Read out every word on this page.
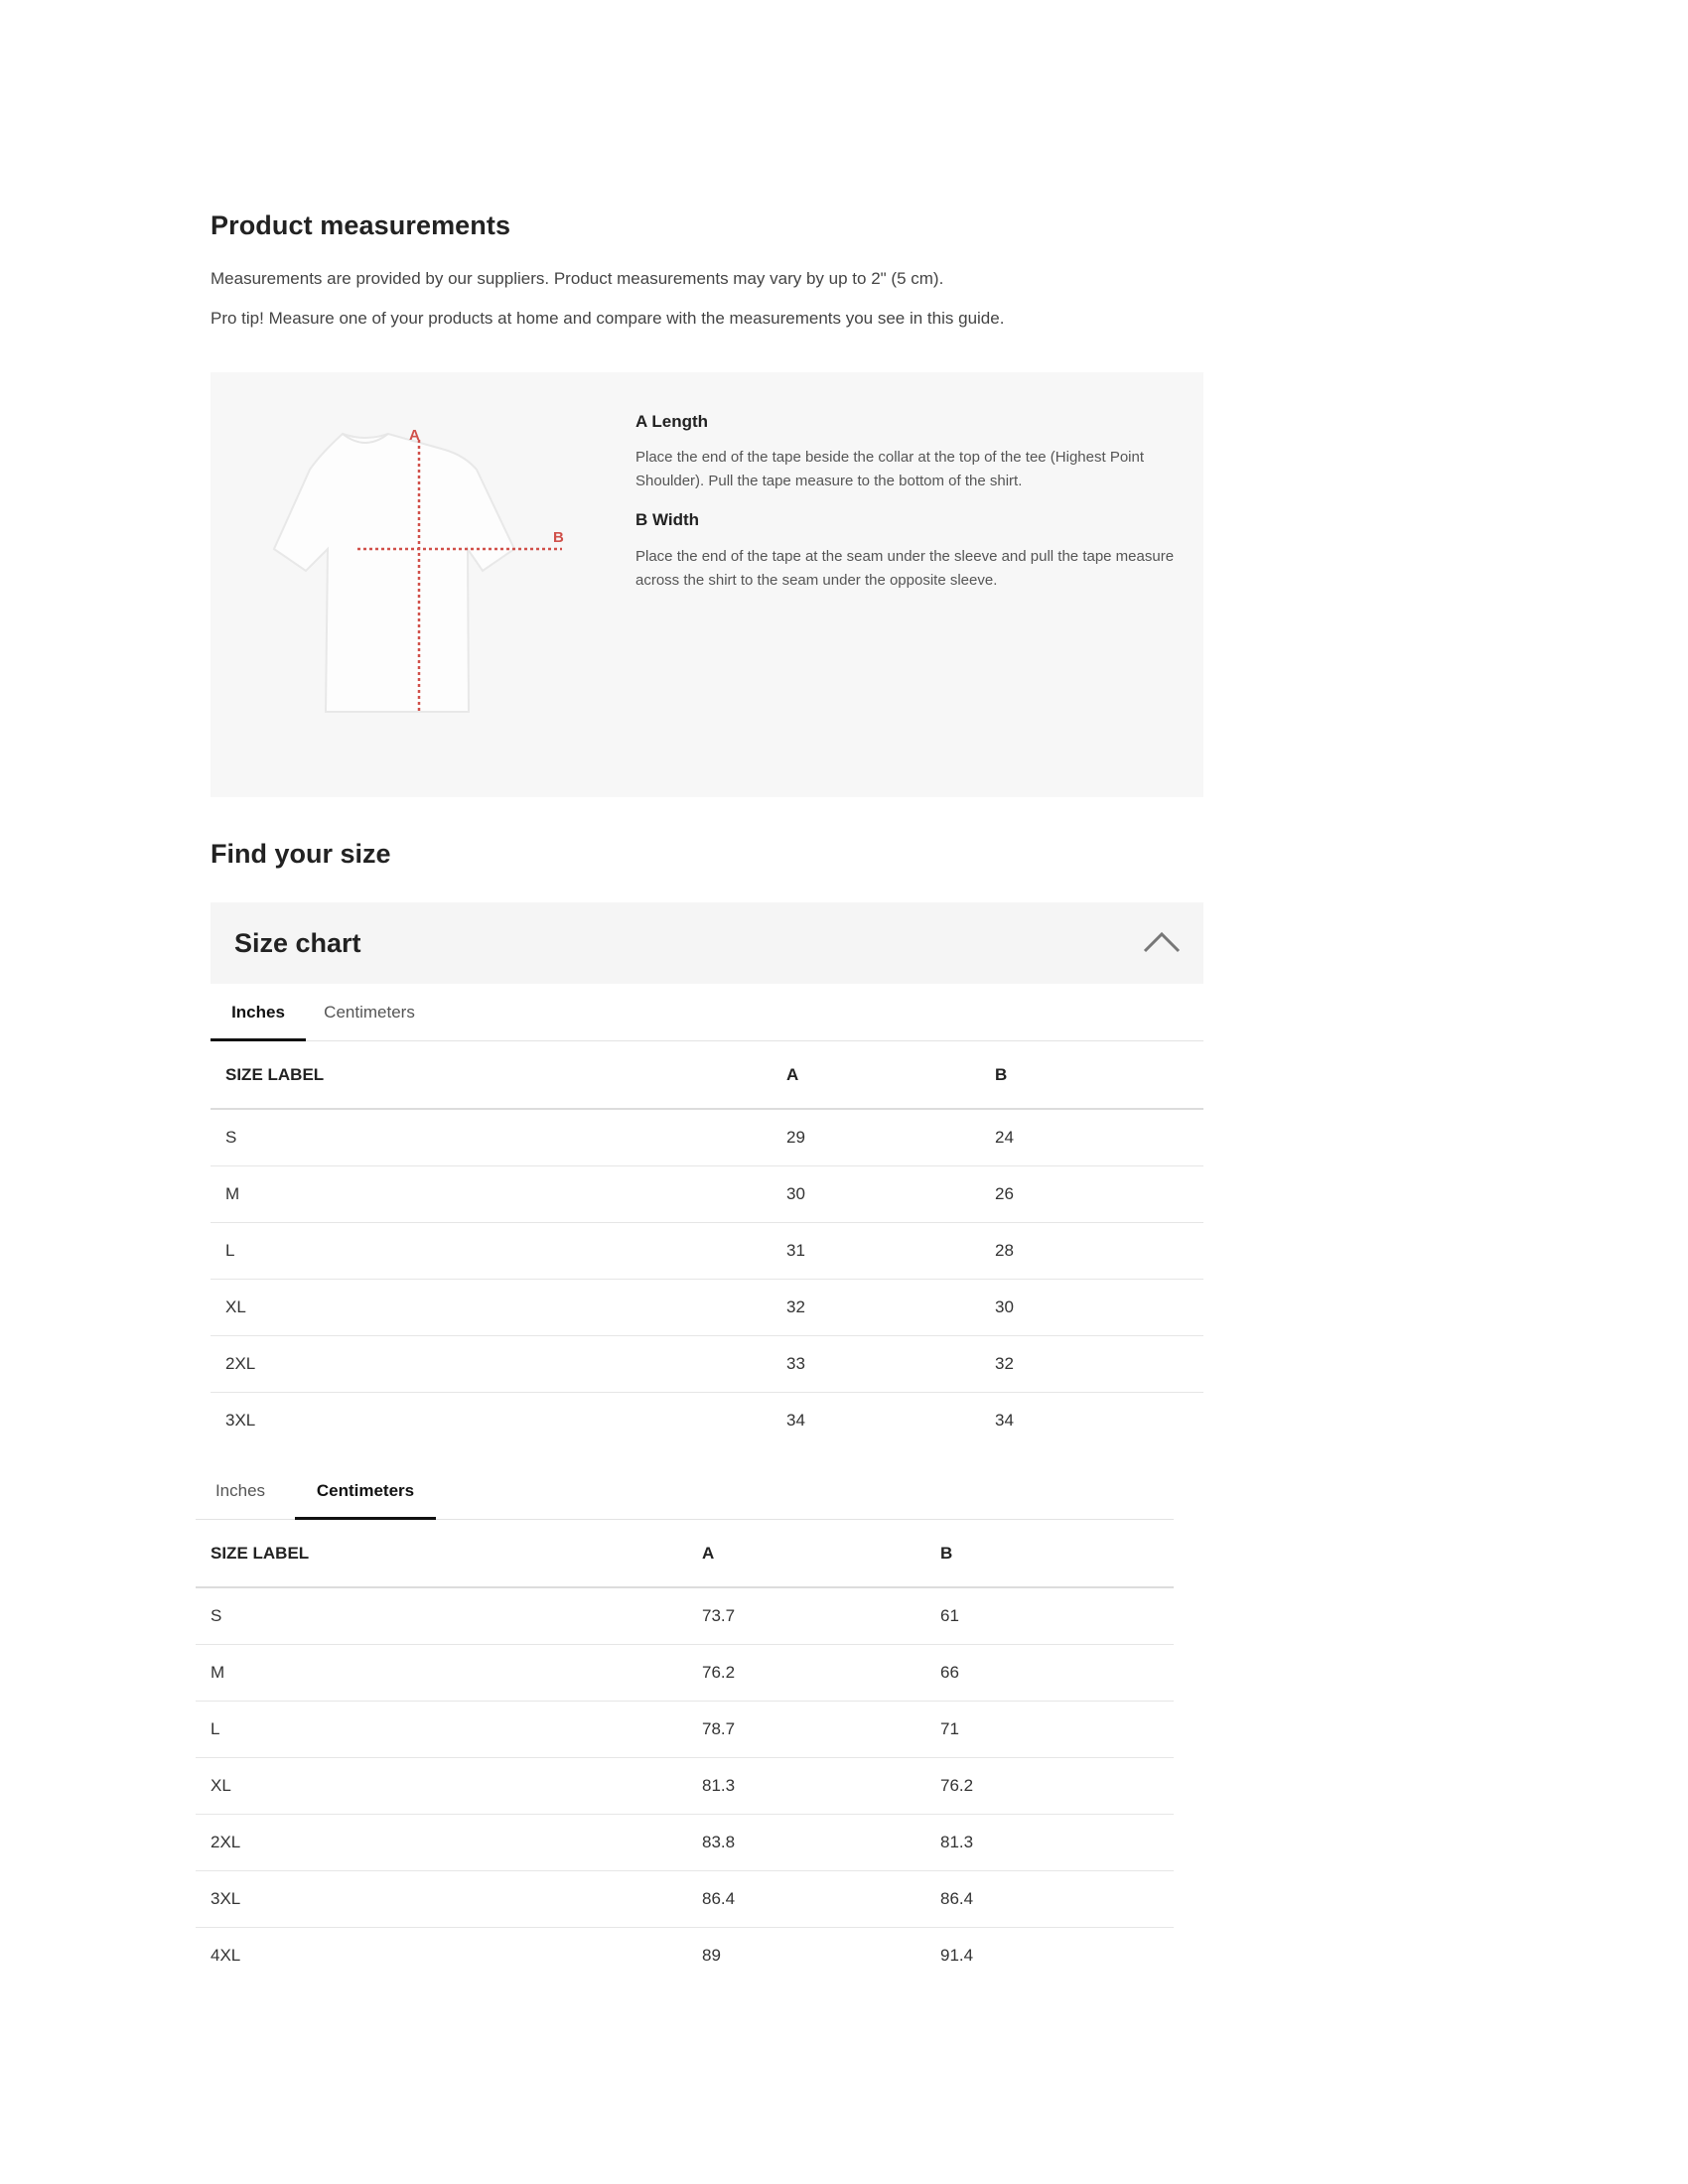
Product measurements

Measurements are provided by our suppliers. Product measurements may vary by up to 2" (5 cm).

Pro tip! Measure one of your products at home and compare with the measurements you see in this guide.

A
B
A Length

Place the end of the tape beside the collar at the top of the tee (Highest Point Shoulder). Pull the tape measure to the bottom of the shirt.

B Width

Place the end of the tape at the seam under the sleeve and pull the tape measure across the shirt to the seam under the opposite sleeve.

Find your size
Size chart
Inches	Centimeters
SIZE LABEL	A	B
S	29	24
M	30	26
L	31	28
XL	32	30
2XL	33	32
3XL	34	34
Inches	Centimeters
SIZE LABEL	A	B
S	73.7	61
M	76.2	66
L	78.7	71
XL	81.3	76.2
2XL	83.8	81.3
3XL	86.4	86.4
4XL	89	91.4
